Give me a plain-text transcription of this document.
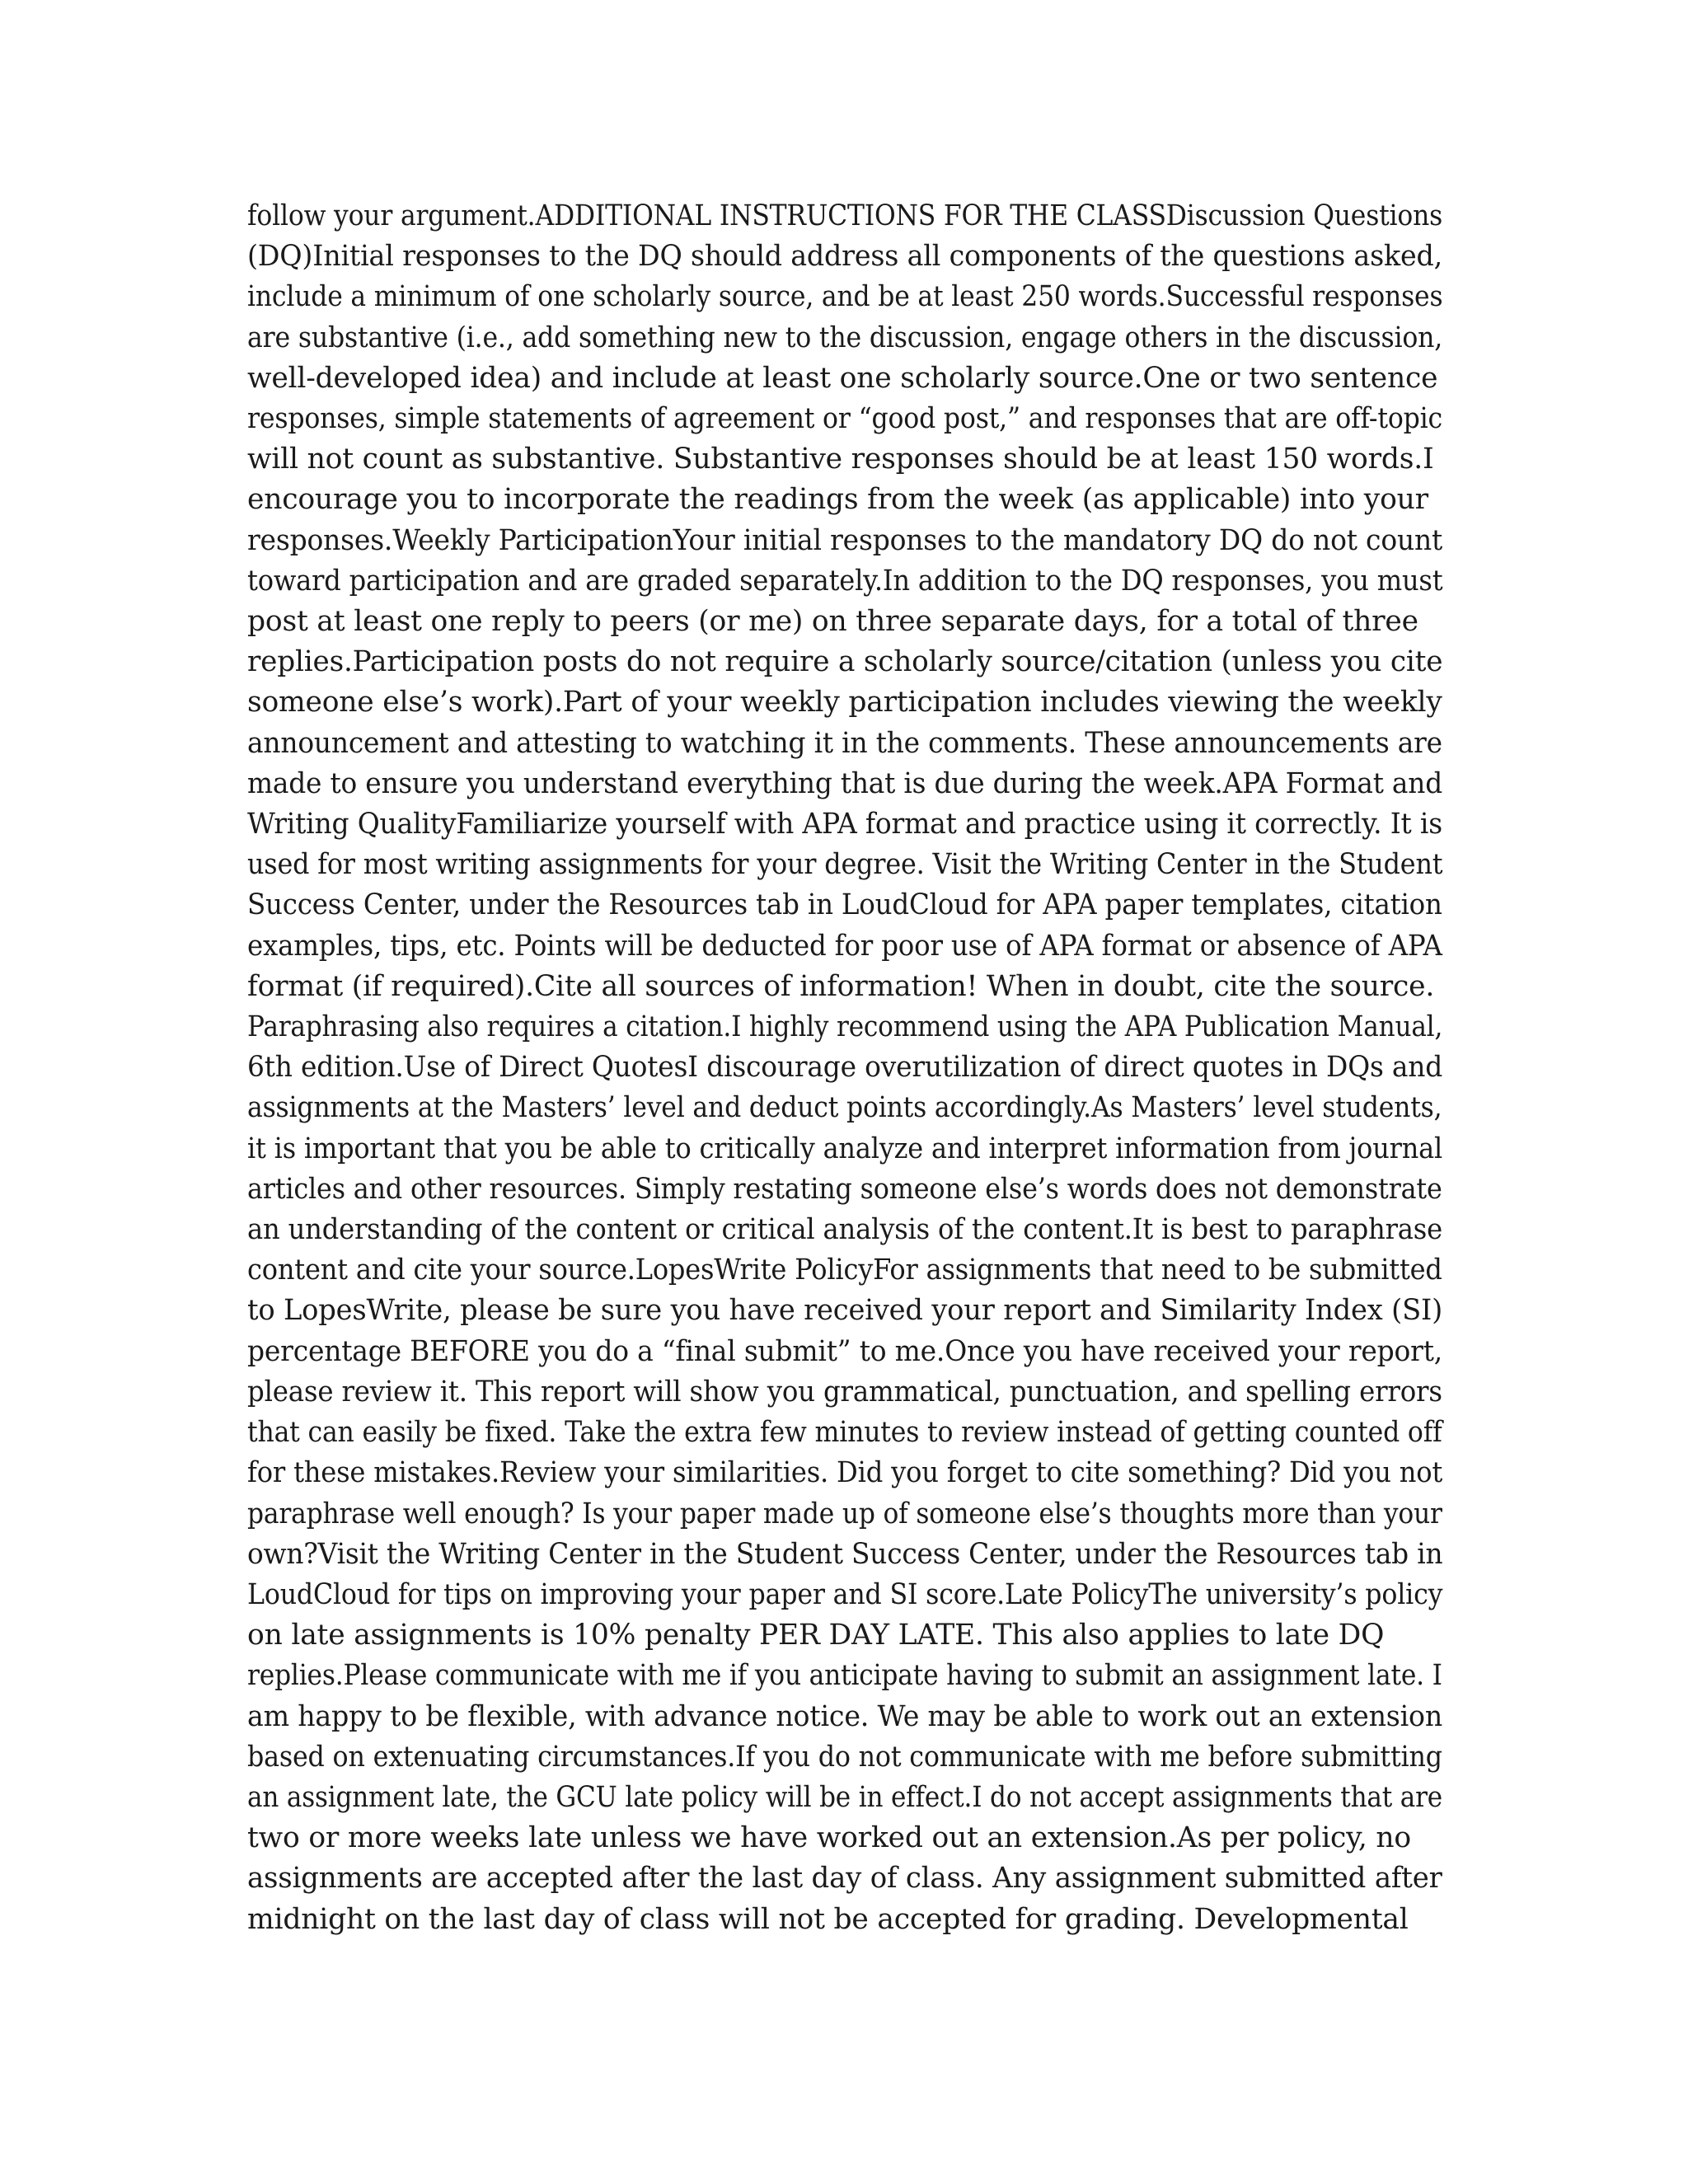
follow your argument.ADDITIONAL INSTRUCTIONS FOR THE CLASSDiscussion Questions
(DQ)Initial responses to the DQ should address all components of the questions asked,
include a minimum of one scholarly source, and be at least 250 words.Successful responses
are substantive (i.e., add something new to the discussion, engage others in the discussion,
well-developed idea) and include at least one scholarly source.One or two sentence
responses, simple statements of agreement or “good post,” and responses that are off-topic
will not count as substantive. Substantive responses should be at least 150 words.I
encourage you to incorporate the readings from the week (as applicable) into your
responses.Weekly ParticipationYour initial responses to the mandatory DQ do not count
toward participation and are graded separately.In addition to the DQ responses, you must
post at least one reply to peers (or me) on three separate days, for a total of three
replies.Participation posts do not require a scholarly source/citation (unless you cite
someone else’s work).Part of your weekly participation includes viewing the weekly
announcement and attesting to watching it in the comments. These announcements are
made to ensure you understand everything that is due during the week.APA Format and
Writing QualityFamiliarize yourself with APA format and practice using it correctly. It is
used for most writing assignments for your degree. Visit the Writing Center in the Student
Success Center, under the Resources tab in LoudCloud for APA paper templates, citation
examples, tips, etc. Points will be deducted for poor use of APA format or absence of APA
format (if required).Cite all sources of information! When in doubt, cite the source.
Paraphrasing also requires a citation.I highly recommend using the APA Publication Manual,
6th edition.Use of Direct QuotesI discourage overutilization of direct quotes in DQs and
assignments at the Masters’ level and deduct points accordingly.As Masters’ level students,
it is important that you be able to critically analyze and interpret information from journal
articles and other resources. Simply restating someone else’s words does not demonstrate
an understanding of the content or critical analysis of the content.It is best to paraphrase
content and cite your source.LopesWrite PolicyFor assignments that need to be submitted
to LopesWrite, please be sure you have received your report and Similarity Index (SI)
percentage BEFORE you do a “final submit” to me.Once you have received your report,
please review it. This report will show you grammatical, punctuation, and spelling errors
that can easily be fixed. Take the extra few minutes to review instead of getting counted off
for these mistakes.Review your similarities. Did you forget to cite something? Did you not
paraphrase well enough? Is your paper made up of someone else’s thoughts more than your
own?Visit the Writing Center in the Student Success Center, under the Resources tab in
LoudCloud for tips on improving your paper and SI score.Late PolicyThe university’s policy
on late assignments is 10% penalty PER DAY LATE. This also applies to late DQ
replies.Please communicate with me if you anticipate having to submit an assignment late. I
am happy to be flexible, with advance notice. We may be able to work out an extension
based on extenuating circumstances.If you do not communicate with me before submitting
an assignment late, the GCU late policy will be in effect.I do not accept assignments that are
two or more weeks late unless we have worked out an extension.As per policy, no
assignments are accepted after the last day of class. Any assignment submitted after
midnight on the last day of class will not be accepted for grading. Developmental
